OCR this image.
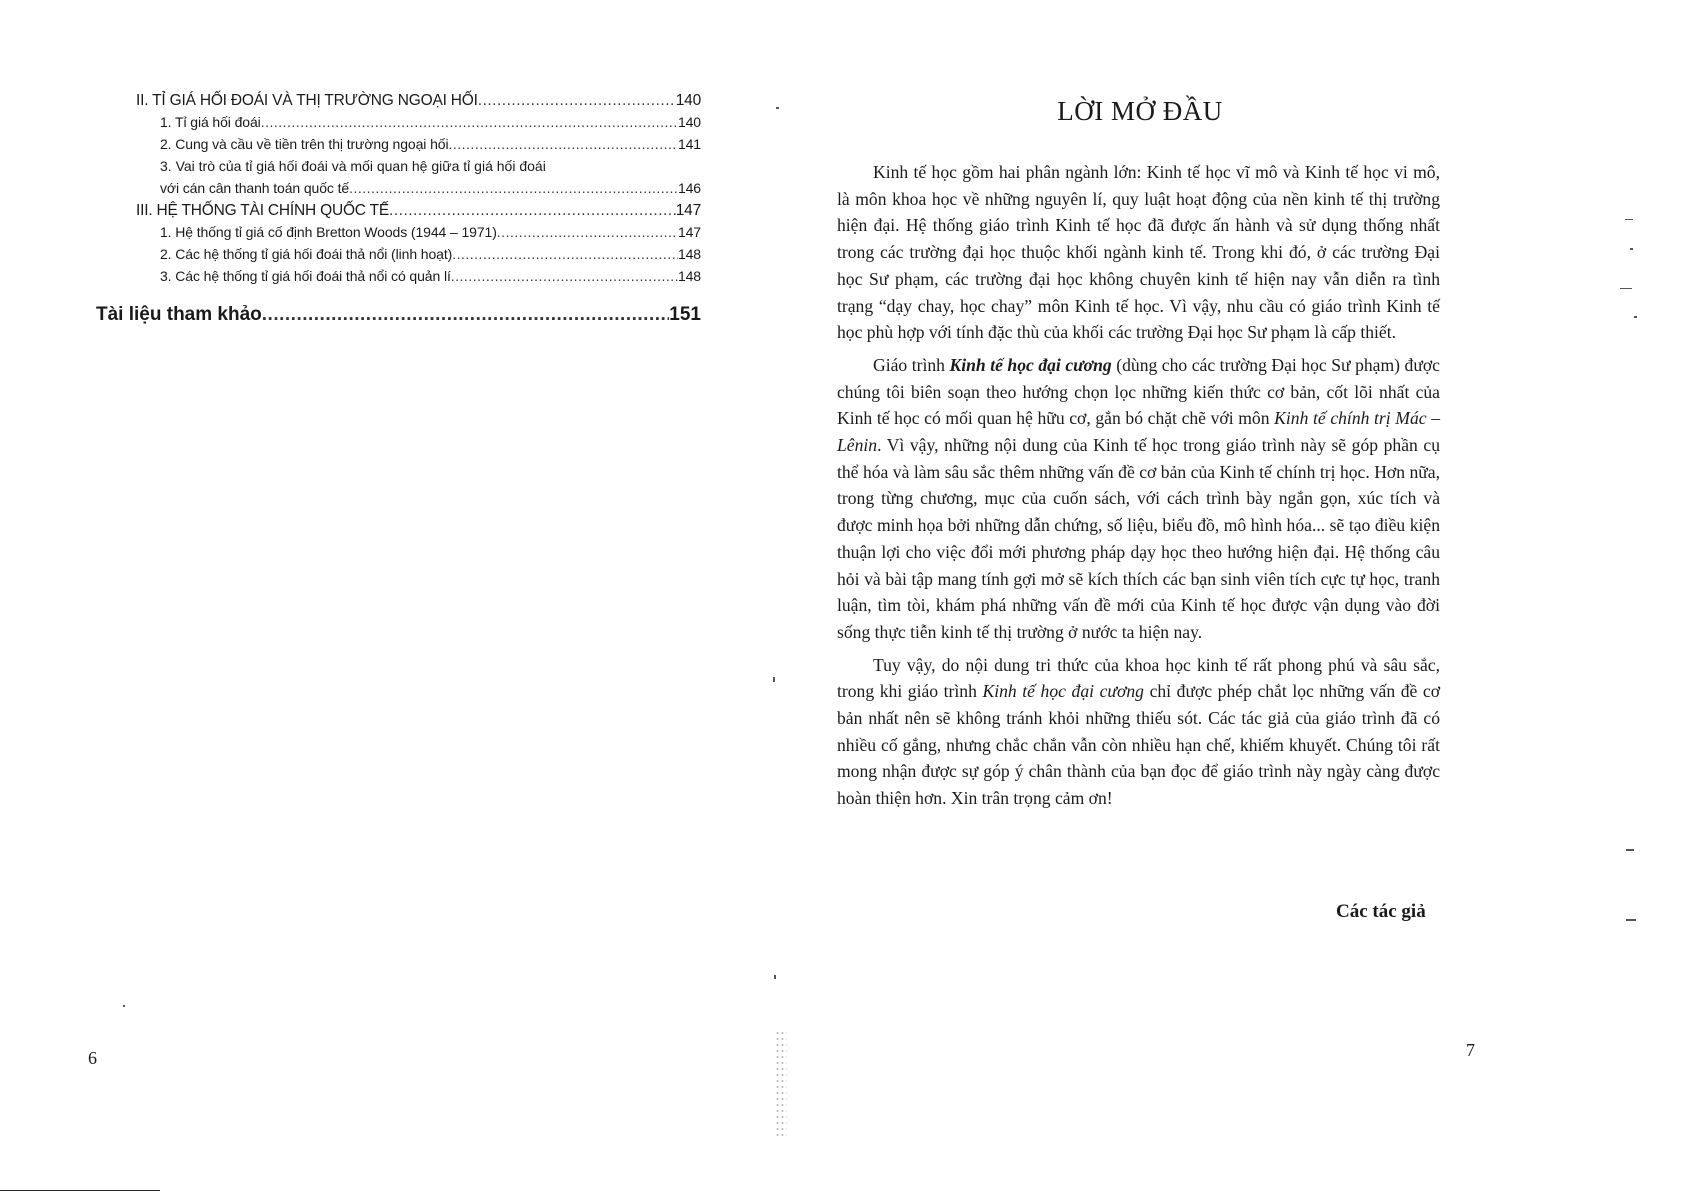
II. TỈ GIÁ HỐI ĐOÁI VÀ THỊ TRƯỜNG NGOẠI HỐI .....	140
1. Tỉ giá hối đoái .....	140
2. Cung và cầu về tiền trên thị trường ngoại hối .....	141
3. Vai trò của tỉ giá hối đoái và mối quan hệ giữa tỉ giá hối đoái
với cán cân thanh toán quốc tế .....	146
III. HỆ THỐNG TÀI CHÍNH QUỐC TẾ .....	147
1. Hệ thống tỉ giá cố định Bretton Woods (1944 – 1971) .....	147
2. Các hệ thống tỉ giá hối đoái thả nổi (linh hoạt) .....	148
3. Các hệ thống tỉ giá hối đoái thả nổi có quản lí .....	148
Tài liệu tham khảo .....	151
6
LỜI MỞ ĐẦU

Kinh tế học gồm hai phân ngành lớn: Kinh tế học vĩ mô và Kinh tế học vi mô, là môn khoa học về những nguyên lí, quy luật hoạt động của nền kinh tế thị trường hiện đại. Hệ thống giáo trình Kinh tế học đã được ấn hành và sử dụng thống nhất trong các trường đại học thuộc khối ngành kinh tế. Trong khi đó, ở các trường Đại học Sư phạm, các trường đại học không chuyên kinh tế hiện nay vẫn diễn ra tình trạng “dạy chay, học chay” môn Kinh tế học. Vì vậy, nhu cầu có giáo trình Kinh tế học phù hợp với tính đặc thù của khối các trường Đại học Sư phạm là cấp thiết.

Giáo trình Kinh tế học đại cương (dùng cho các trường Đại học Sư phạm) được chúng tôi biên soạn theo hướng chọn lọc những kiến thức cơ bản, cốt lõi nhất của Kinh tế học có mối quan hệ hữu cơ, gắn bó chặt chẽ với môn Kinh tế chính trị Mác – Lênin. Vì vậy, những nội dung của Kinh tế học trong giáo trình này sẽ góp phần cụ thể hóa và làm sâu sắc thêm những vấn đề cơ bản của Kinh tế chính trị học. Hơn nữa, trong từng chương, mục của cuốn sách, với cách trình bày ngắn gọn, xúc tích và được minh họa bởi những dẫn chứng, số liệu, biểu đồ, mô hình hóa... sẽ tạo điều kiện thuận lợi cho việc đổi mới phương pháp dạy học theo hướng hiện đại. Hệ thống câu hỏi và bài tập mang tính gợi mở sẽ kích thích các bạn sinh viên tích cực tự học, tranh luận, tìm tòi, khám phá những vấn đề mới của Kinh tế học được vận dụng vào đời sống thực tiễn kinh tế thị trường ở nước ta hiện nay.

Tuy vậy, do nội dung tri thức của khoa học kinh tế rất phong phú và sâu sắc, trong khi giáo trình Kinh tế học đại cương chỉ được phép chắt lọc những vấn đề cơ bản nhất nên sẽ không tránh khỏi những thiếu sót. Các tác giả của giáo trình đã có nhiều cố gắng, nhưng chắc chắn vẫn còn nhiều hạn chế, khiếm khuyết. Chúng tôi rất mong nhận được sự góp ý chân thành của bạn đọc để giáo trình này ngày càng được hoàn thiện hơn. Xin trân trọng cảm ơn!

Các tác giả
7
